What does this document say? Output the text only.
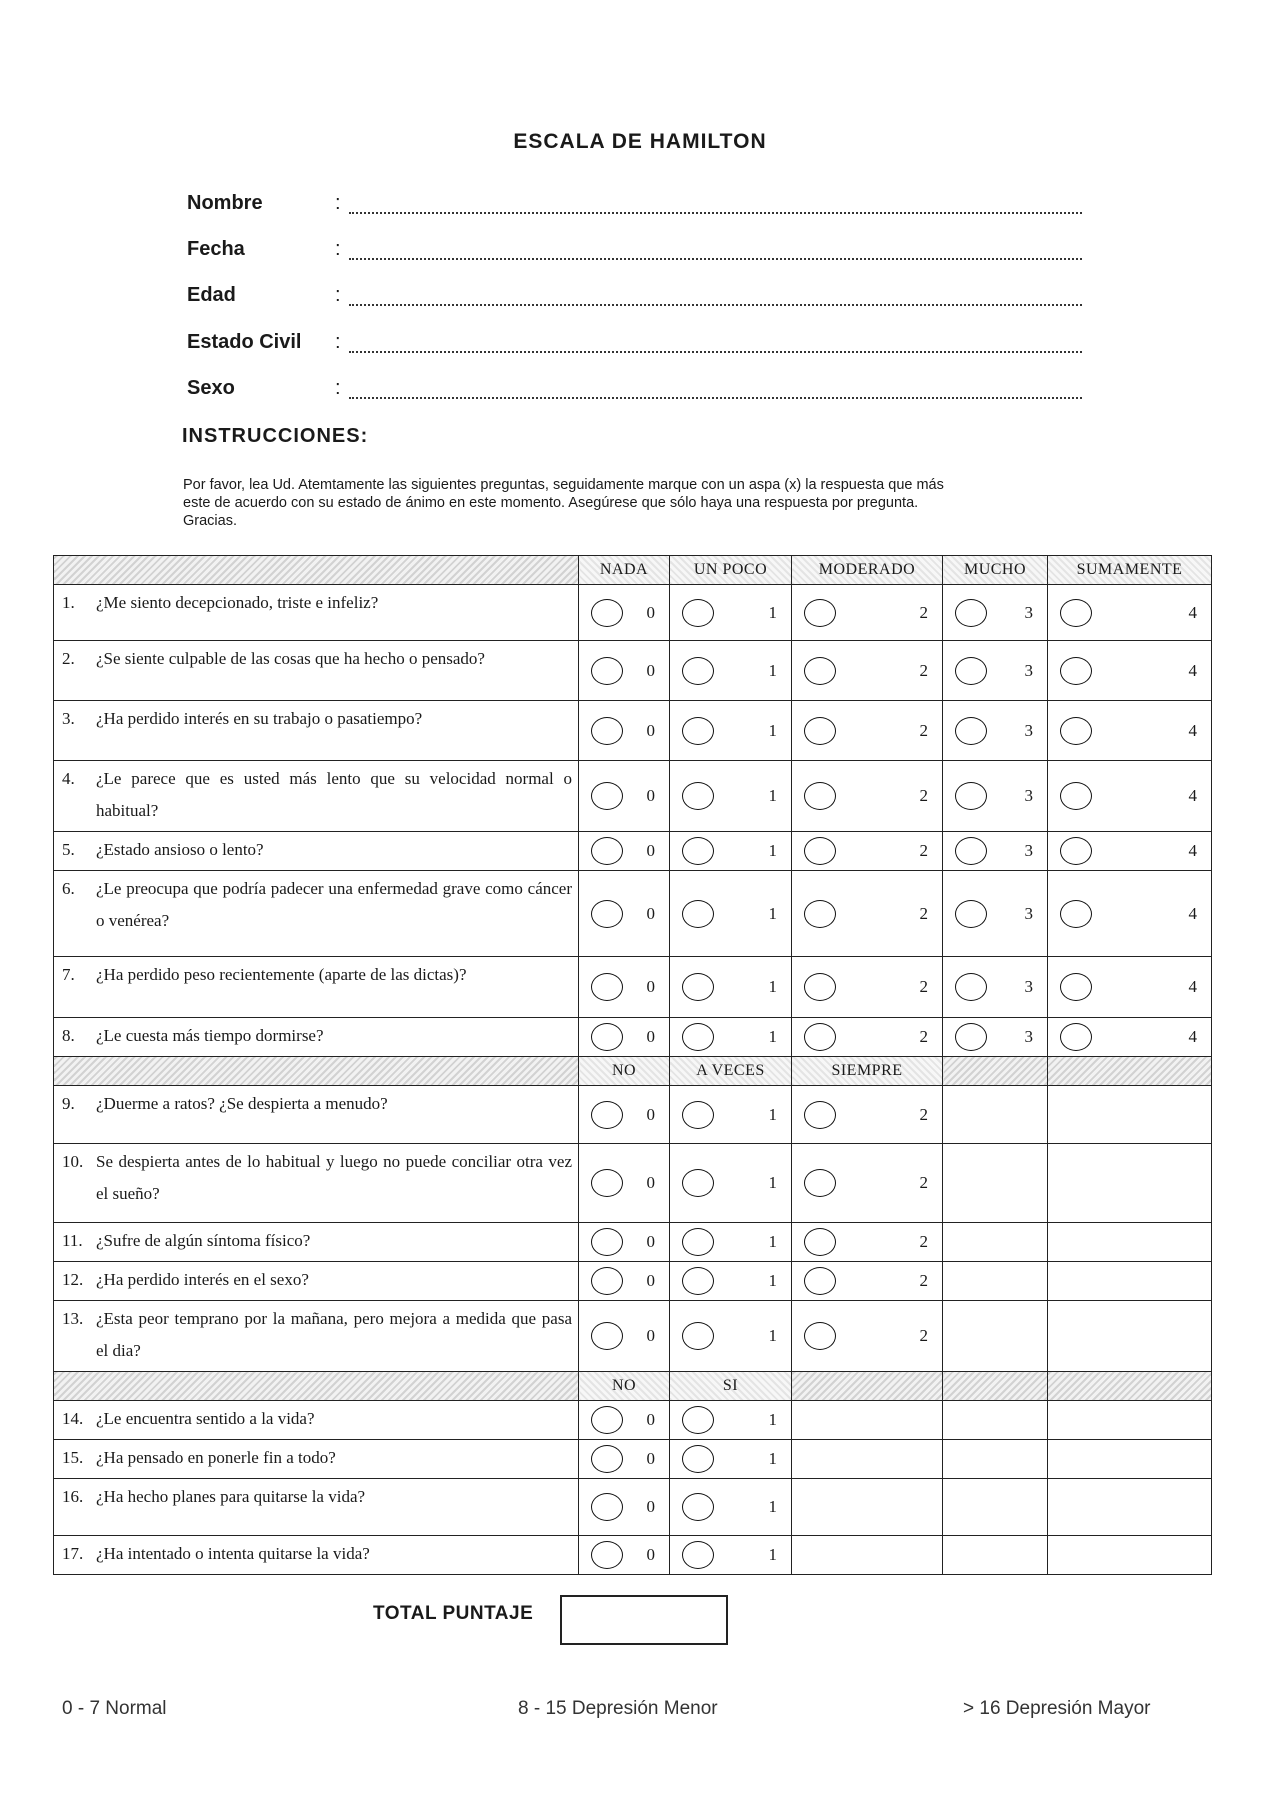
ESCALA DE HAMILTON
Nombre	:
Fecha	:
Edad	:
Estado Civil :
Sexo	:
INSTRUCCIONES:

Por favor, lea Ud. Atemtamente las siguientes preguntas, seguidamente marque con un aspa (x) la respuesta que más

este de acuerdo con su estado de ánimo en este momento. Asegúrese que sólo haya una respuesta por pregunta.

Gracias.

	NADA	UN POCO	MODERADO	MUCHO	SUMAMENTE

1. ¿Me siento decepcionado, triste e infeliz?	0	1	2	3	4

2. ¿Se siente culpable de las cosas que ha hecho o pensado?	0	1	2	3	4

3. ¿Ha perdido interés en su trabajo o pasatiempo?	0	1	2	3	4

4. ¿Le parece que es usted más lento que su velocidad normal o habitual?	0	1	2	3	4

5. ¿Estado ansioso o lento?	0	1	2	3	4

6. ¿Le preocupa que podría padecer una enfermedad grave como cáncer o venérea?	0	1	2	3	4

7. ¿Ha perdido peso recientemente (aparte de las dictas)?	0	1	2	3	4

8. ¿Le cuesta más tiempo dormirse?	0	1	2	3	4

	NO	A VECES	SIEMPRE		

9. ¿Duerme a ratos? ¿Se despierta a menudo?	0	1	2		

10. Se despierta antes de lo habitual y luego no puede conciliar otra vez el sueño?	0	1	2		

11. ¿Sufre de algún síntoma físico?	0	1	2		

12. ¿Ha perdido interés en el sexo?	0	1	2		

13. ¿Esta peor temprano por la mañana, pero mejora a medida que pasa el dia?	0	1	2		

	NO	SI			

14. ¿Le encuentra sentido a la vida?	0	1			

15. ¿Ha pensado en ponerle fin a todo?	0	1			

16. ¿Ha hecho planes para quitarse la vida?	0	1			

17. ¿Ha intentado o intenta quitarse la vida?	0	1			

TOTAL PUNTAJE
0 - 7 Normal	8 - 15 Depresión Menor	> 16 Depresión Mayor
